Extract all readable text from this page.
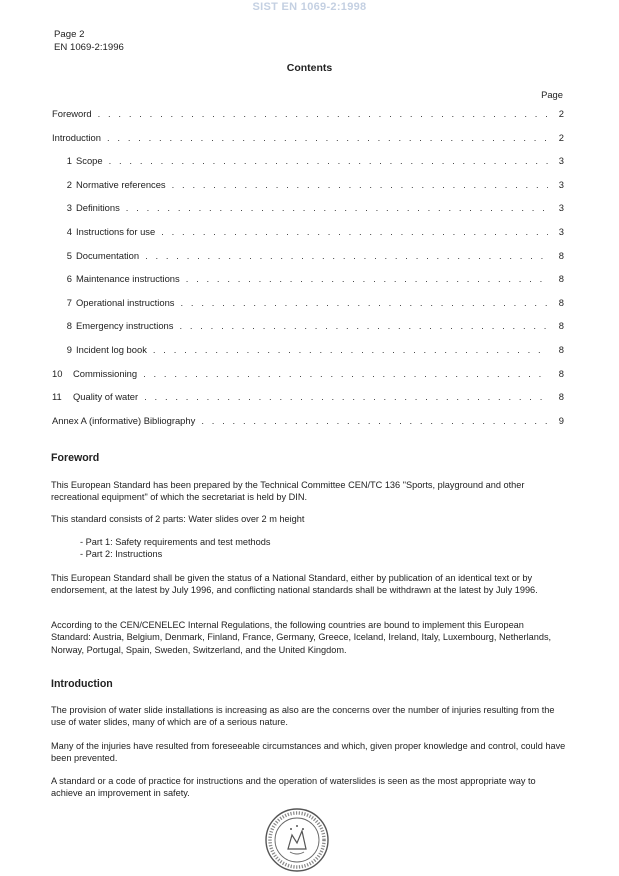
SIST EN 1069-2:1998
Page 2
EN 1069-2:1996
Contents
Page
Foreword . . .	2
Introduction . . .	2
1 Scope . . .	3
2 Normative references . . .	3
3 Definitions . . .	3
4 Instructions for use . . .	3
5 Documentation . . .	8
6 Maintenance instructions . . .	8
7 Operational instructions . . .	8
8 Emergency instructions . . .	8
9 Incident log book . . .	8
10	Commissioning . . .	8
11	Quality of water . . .	8
Annex A (informative) Bibliography . . .	9
Foreword

This European Standard has been prepared by the Technical Committee CEN/TC 136 "Sports, playground and other recreational equipment" of which the secretariat is held by DIN.

This standard consists of 2 parts: Water slides over 2 m height

- Part 1: Safety requirements and test methods
- Part 2: Instructions

This European Standard shall be given the status of a National Standard, either by publication of an identical text or by endorsement, at the latest by July 1996, and conflicting national standards shall be withdrawn at the latest by July 1996.

According to the CEN/CENELEC Internal Regulations, the following countries are bound to implement this European Standard: Austria, Belgium, Denmark, Finland, France, Germany, Greece, Iceland, Ireland, Italy, Luxembourg, Netherlands, Norway, Portugal, Spain, Sweden, Switzerland, and the United Kingdom.

Introduction

The provision of water slide installations is increasing as also are the concerns over the number of injuries resulting from the use of water slides, many of which are of a serious nature.

Many of the injuries have resulted from foreseeable circumstances and which, given proper knowledge and control, could have been prevented.

A standard or a code of practice for instructions and the operation of waterslides is seen as the most appropriate way to achieve an improvement in safety.
